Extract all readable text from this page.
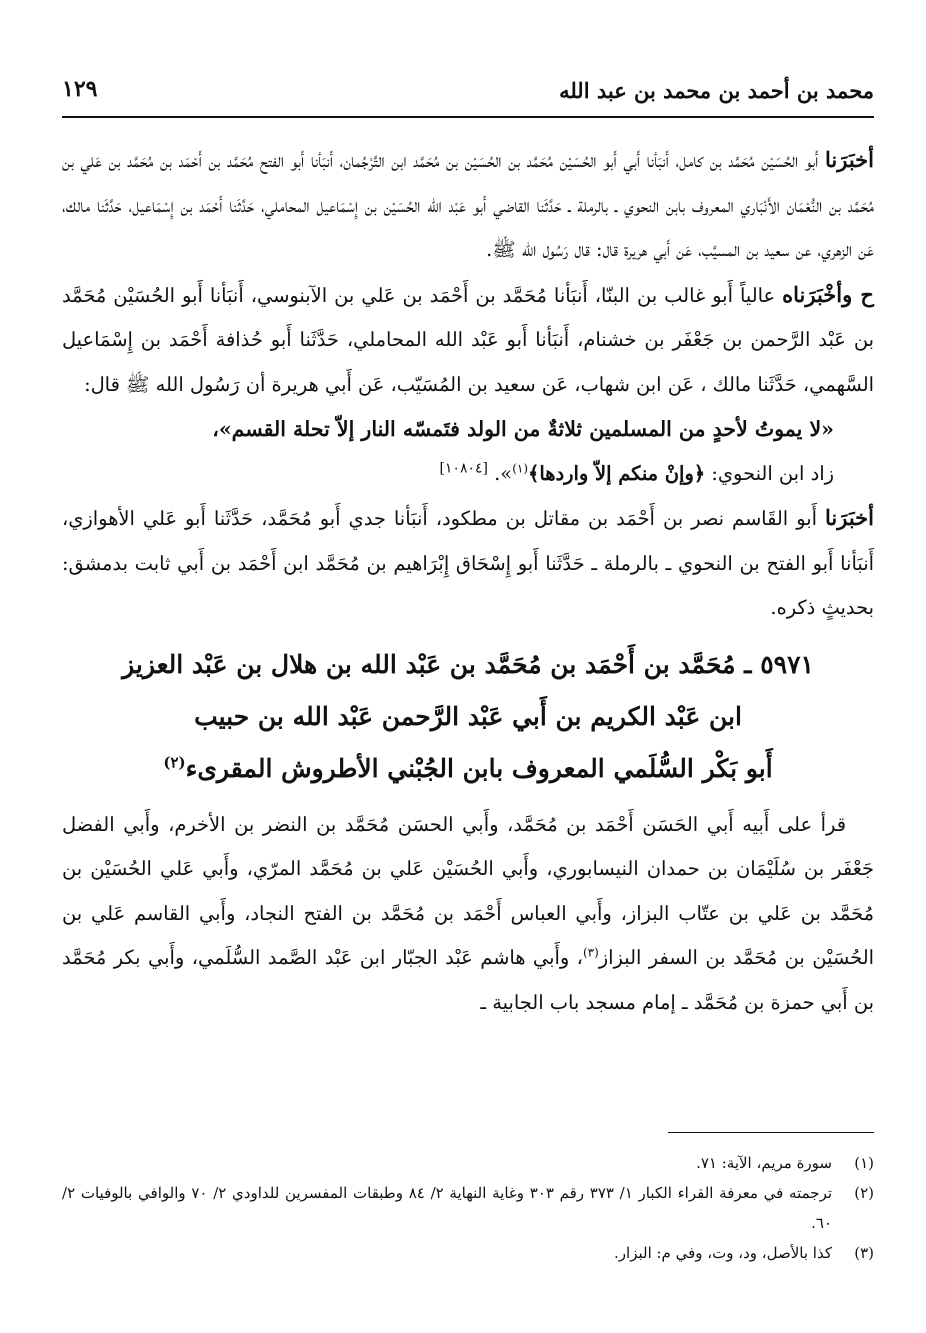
محمد بن أحمد بن محمد بن عبد الله
١٢٩

أخبَرَنا أَبو الحُسَيْن مُحَمَّد بن كامل، أَنبَأنا أَبي أَبو الحُسَيْن مُحَمَّد بن الحُسَيْن بن مُحَمَّد ابن التَّرْجُمان، أَنبَأنا أَبو الفتح مُحَمَّد بن أَحْمَد بن مُحَمَّد بن عَلي بن مُحَمَّد بن النُّعْمَان الأَنْبَاري المعروف بابن النحوي ـ بالرملة ـ حَدَّثَنا القاضي أَبو عَبْد الله الحُسَيْن بن إِسْمَاعيل المحاملي، حَدَّثَنا أَحْمَد بن إِسْمَاعيل، حَدَّثَنا مالك، عَن الزهري، عن سعيد بن المسيَّب، عَن أَبي هريرة قال: قال رَسُول الله ﷺ.

ح وأخْبَرَناه عالياً أَبو غالب بن البنّا، أَنبَأنا مُحَمَّد بن أَحْمَد بن عَلي بن الآبنوسي، أَنبَأنا أَبو الحُسَيْن مُحَمَّد بن عَبْد الرَّحمن بن جَعْفَر بن خشنام، أَنبَأنا أَبو عَبْد الله المحاملي، حَدَّثَنا أَبو حُذافة أَحْمَد بن إِسْمَاعيل السَّهمي، حَدَّثَنا مالك ، عَن ابن شهاب، عَن سعيد بن المُسَيّب، عَن أَبي هريرة أن رَسُول الله ﷺ قال:

«لا يموتُ لأحدٍ من المسلمين ثلاثةٌ من الولد فتَمسّه النار إلاّ تحلة القسم»،

زاد ابن النحوي: ﴿وإنْ منكم إلاّ واردها﴾$^{(١)}$». [١٠٨٠٤]

أخبَرَنا أَبو القَاسم نصر بن أَحْمَد بن مقاتل بن مطكود، أَنبَأنا جدي أَبو مُحَمَّد، حَدَّثَنا أَبو عَلي الأهوازي، أَنبَأنا أَبو الفتح بن النحوي ـ بالرملة ـ حَدَّثَنا أَبو إِسْحَاق إِبْرَاهيم بن مُحَمَّد ابن أَحْمَد بن أَبي ثابت بدمشق: بحديثٍ ذكره.

٥٩٧١ ـ مُحَمَّد بن أَحْمَد بن مُحَمَّد بن عَبْد الله بن هلال بن عَبْد العزيز
ابن عَبْد الكريم بن أَبي عَبْد الرَّحمن عَبْد الله بن حبيب
أَبو بَكْر السُّلَمي المعروف بابن الجُبْني الأطروش المقرىء$^{(٢)}$

قرأ على أَبيه أَبي الحَسَن أَحْمَد بن مُحَمَّد، وأَبي الحسَن مُحَمَّد بن النضر بن الأخرم، وأَبي الفضل جَعْفَر بن سُلَيْمَان بن حمدان النيسابوري، وأَبي الحُسَيْن عَلي بن مُحَمَّد المرّي، وأَبي عَلي الحُسَيْن بن مُحَمَّد بن عَلي بن عتّاب البزاز، وأَبي العباس أَحْمَد بن مُحَمَّد بن الفتح النجاد، وأَبي القاسم عَلي بن الحُسَيْن بن مُحَمَّد بن السفر البزاز$^{(٣)}$، وأَبي هاشم عَبْد الجبّار ابن عَبْد الصَّمد السُّلَمي، وأَبي بكر مُحَمَّد بن أَبي حمزة بن مُحَمَّد ـ إمام مسجد باب الجابية ـ

(١)
سورة مريم، الآية: ٧١.
(٢)
ترجمته في معرفة القراء الكبار ١/ ٣٧٣ رقم ٣٠٣ وغاية النهاية ٢/ ٨٤ وطبقات المفسرين للداودي ٢/ ٧٠ والوافي بالوفيات ٢/ ٦٠.
(٣)
كذا بالأصل، ود، وت، وفي م: البزار.
